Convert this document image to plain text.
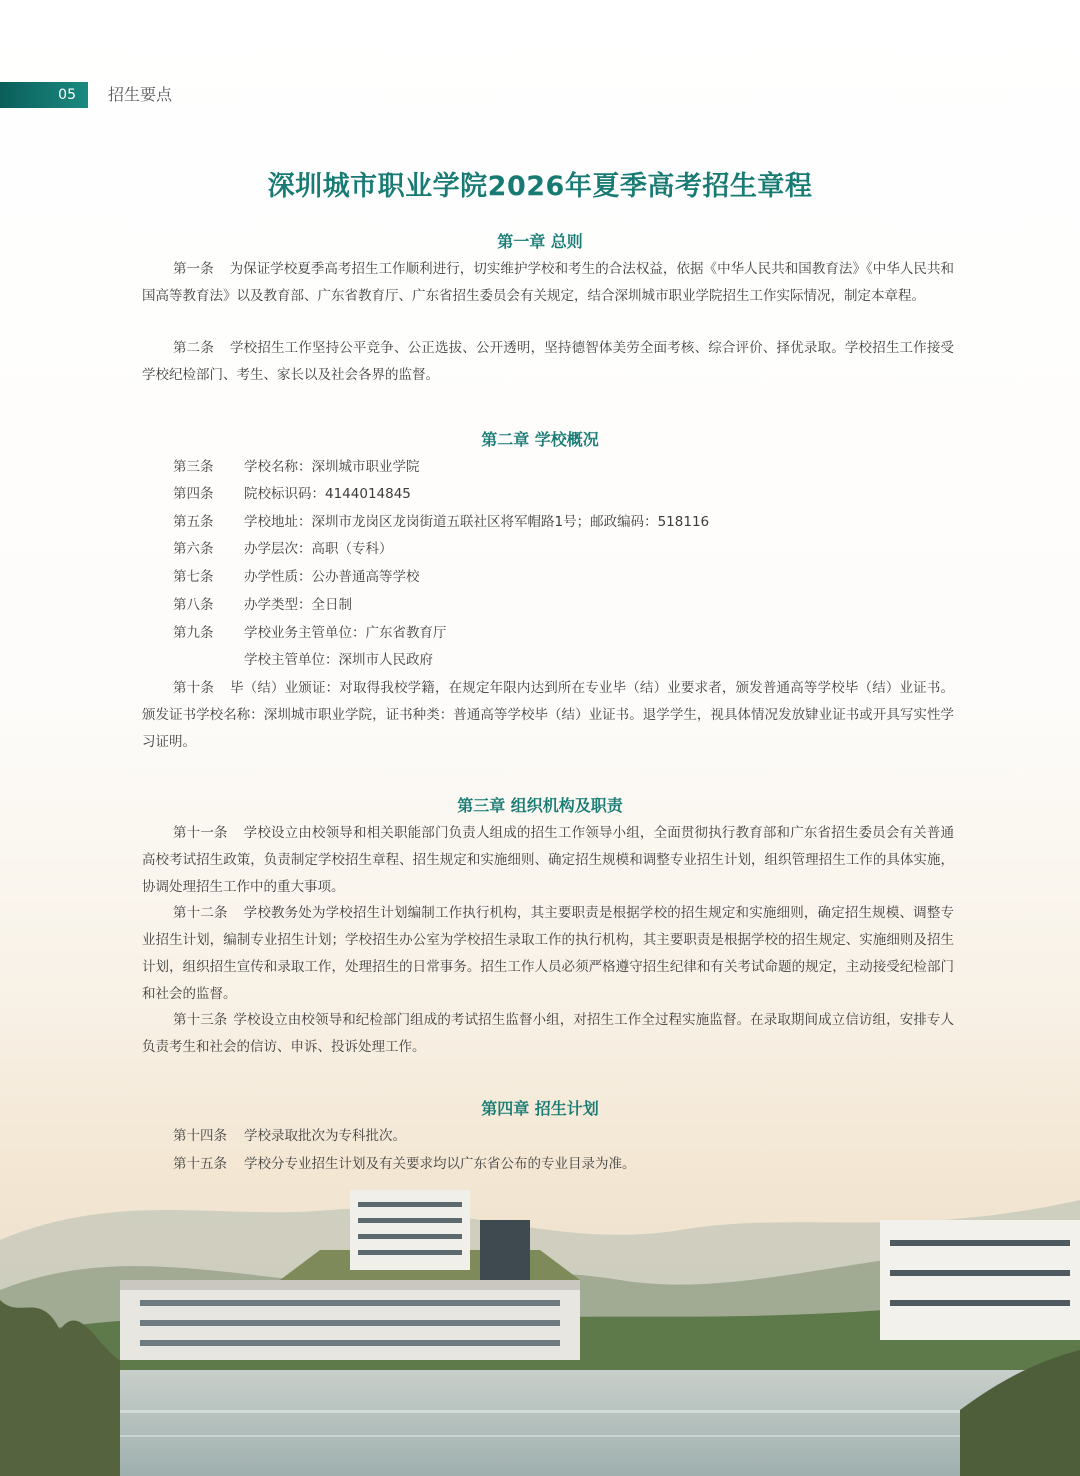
05	招生要点
深圳城市职业学院2026年夏季高考招生章程
第一章 总则
第一条 为保证学校夏季高考招生工作顺利进行，切实维护学校和考生的合法权益，依据《中华人民共和国教育法》《中华人民共和国高等教育法》以及教育部、广东省教育厅、广东省招生委员会有关规定，结合深圳城市职业学院招生工作实际情况，制定本章程。
第二条 学校招生工作坚持公平竞争、公正选拔、公开透明，坚持德智体美劳全面考核、综合评价、择优录取。学校招生工作接受学校纪检部门、考生、家长以及社会各界的监督。
第二章 学校概况
第三条 学校名称：深圳城市职业学院
第四条 院校标识码：4144014845
第五条 学校地址：深圳市龙岗区龙岗街道五联社区将军帽路1号；邮政编码：518116
第六条 办学层次：高职（专科）
第七条 办学性质：公办普通高等学校
第八条 办学类型：全日制
第九条 学校业务主管单位：广东省教育厅
学校主管单位：深圳市人民政府
第十条 毕（结）业颁证：对取得我校学籍，在规定年限内达到所在专业毕（结）业要求者，颁发普通高等学校毕（结）业证书。颁发证书学校名称：深圳城市职业学院，证书种类：普通高等学校毕（结）业证书。退学学生，视具体情况发放肄业证书或开具写实性学习证明。
第三章 组织机构及职责
第十一条 学校设立由校领导和相关职能部门负责人组成的招生工作领导小组，全面贯彻执行教育部和广东省招生委员会有关普通高校考试招生政策，负责制定学校招生章程、招生规定和实施细则、确定招生规模和调整专业招生计划，组织管理招生工作的具体实施，协调处理招生工作中的重大事项。
第十二条 学校教务处为学校招生计划编制工作执行机构，其主要职责是根据学校的招生规定和实施细则，确定招生规模、调整专业招生计划，编制专业招生计划；学校招生办公室为学校招生录取工作的执行机构，其主要职责是根据学校的招生规定、实施细则及招生计划，组织招生宣传和录取工作，处理招生的日常事务。招生工作人员必须严格遵守招生纪律和有关考试命题的规定，主动接受纪检部门和社会的监督。
第十三条 学校设立由校领导和纪检部门组成的考试招生监督小组，对招生工作全过程实施监督。在录取期间成立信访组，安排专人负责考生和社会的信访、申诉、投诉处理工作。
第四章 招生计划
第十四条 学校录取批次为专科批次。
第十五条 学校分专业招生计划及有关要求均以广东省公布的专业目录为准。
